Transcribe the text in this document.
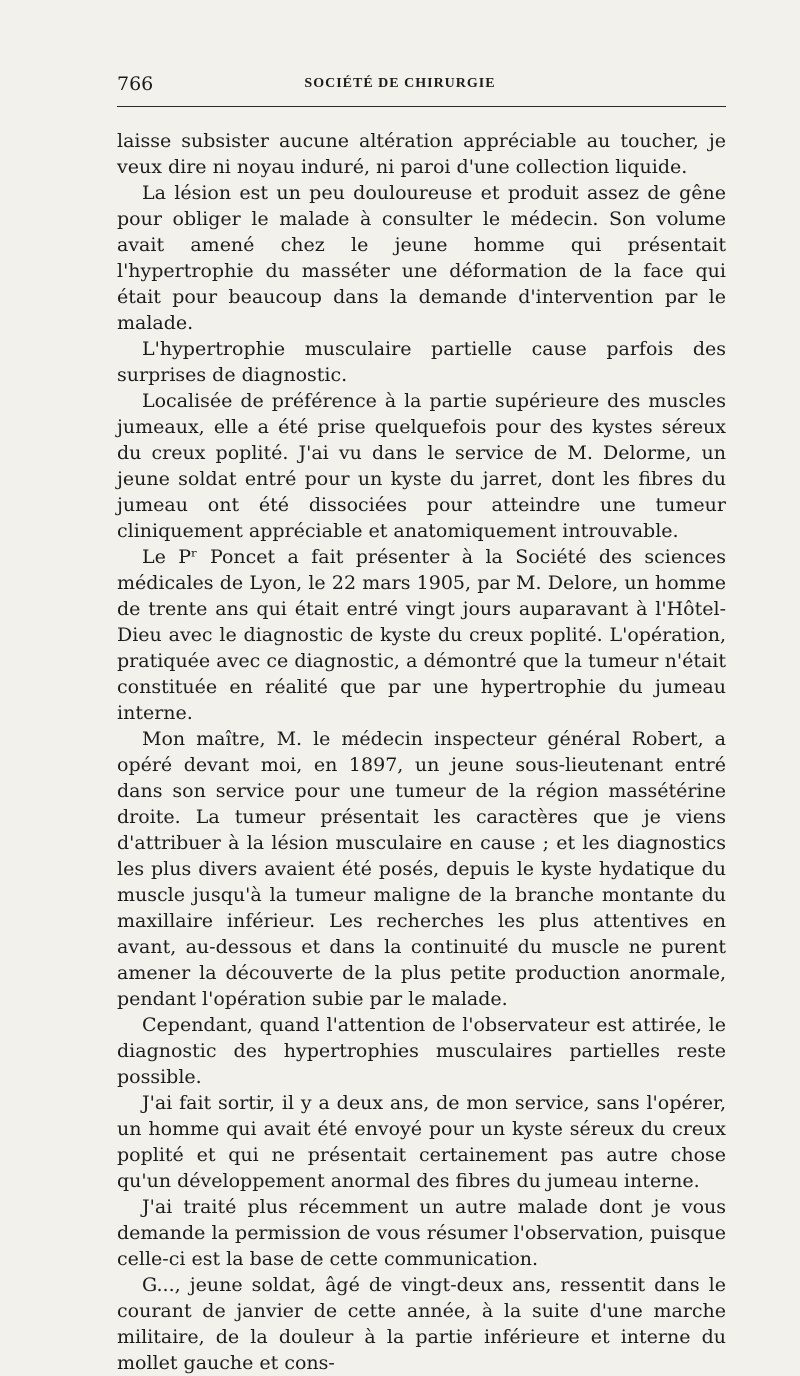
766	SOCIÉTÉ DE CHIRURGIE

laisse subsister aucune altération appréciable au toucher, je veux dire ni noyau induré, ni paroi d'une collection liquide.

La lésion est un peu douloureuse et produit assez de gêne pour obliger le malade à consulter le médecin. Son volume avait amené chez le jeune homme qui présentait l'hypertrophie du masséter une déformation de la face qui était pour beaucoup dans la demande d'intervention par le malade.

L'hypertrophie musculaire partielle cause parfois des surprises de diagnostic.

Localisée de préférence à la partie supérieure des muscles jumeaux, elle a été prise quelquefois pour des kystes séreux du creux poplité. J'ai vu dans le service de M. Delorme, un jeune soldat entré pour un kyste du jarret, dont les fibres du jumeau ont été dissociées pour atteindre une tumeur cliniquement appréciable et anatomiquement introuvable.

Le Pʳ Poncet a fait présenter à la Société des sciences médicales de Lyon, le 22 mars 1905, par M. Delore, un homme de trente ans qui était entré vingt jours auparavant à l'Hôtel-Dieu avec le diagnostic de kyste du creux poplité. L'opération, pratiquée avec ce diagnostic, a démontré que la tumeur n'était constituée en réalité que par une hypertrophie du jumeau interne.

Mon maître, M. le médecin inspecteur général Robert, a opéré devant moi, en 1897, un jeune sous-lieutenant entré dans son service pour une tumeur de la région massétérine droite. La tumeur présentait les caractères que je viens d'attribuer à la lésion musculaire en cause ; et les diagnostics les plus divers avaient été posés, depuis le kyste hydatique du muscle jusqu'à la tumeur maligne de la branche montante du maxillaire inférieur. Les recherches les plus attentives en avant, au-dessous et dans la continuité du muscle ne purent amener la découverte de la plus petite production anormale, pendant l'opération subie par le malade.

Cependant, quand l'attention de l'observateur est attirée, le diagnostic des hypertrophies musculaires partielles reste possible.

J'ai fait sortir, il y a deux ans, de mon service, sans l'opérer, un homme qui avait été envoyé pour un kyste séreux du creux poplité et qui ne présentait certainement pas autre chose qu'un développement anormal des fibres du jumeau interne.

J'ai traité plus récemment un autre malade dont je vous demande la permission de vous résumer l'observation, puisque celle-ci est la base de cette communication.

G..., jeune soldat, âgé de vingt-deux ans, ressentit dans le courant de janvier de cette année, à la suite d'une marche militaire, de la douleur à la partie inférieure et interne du mollet gauche et cons-
